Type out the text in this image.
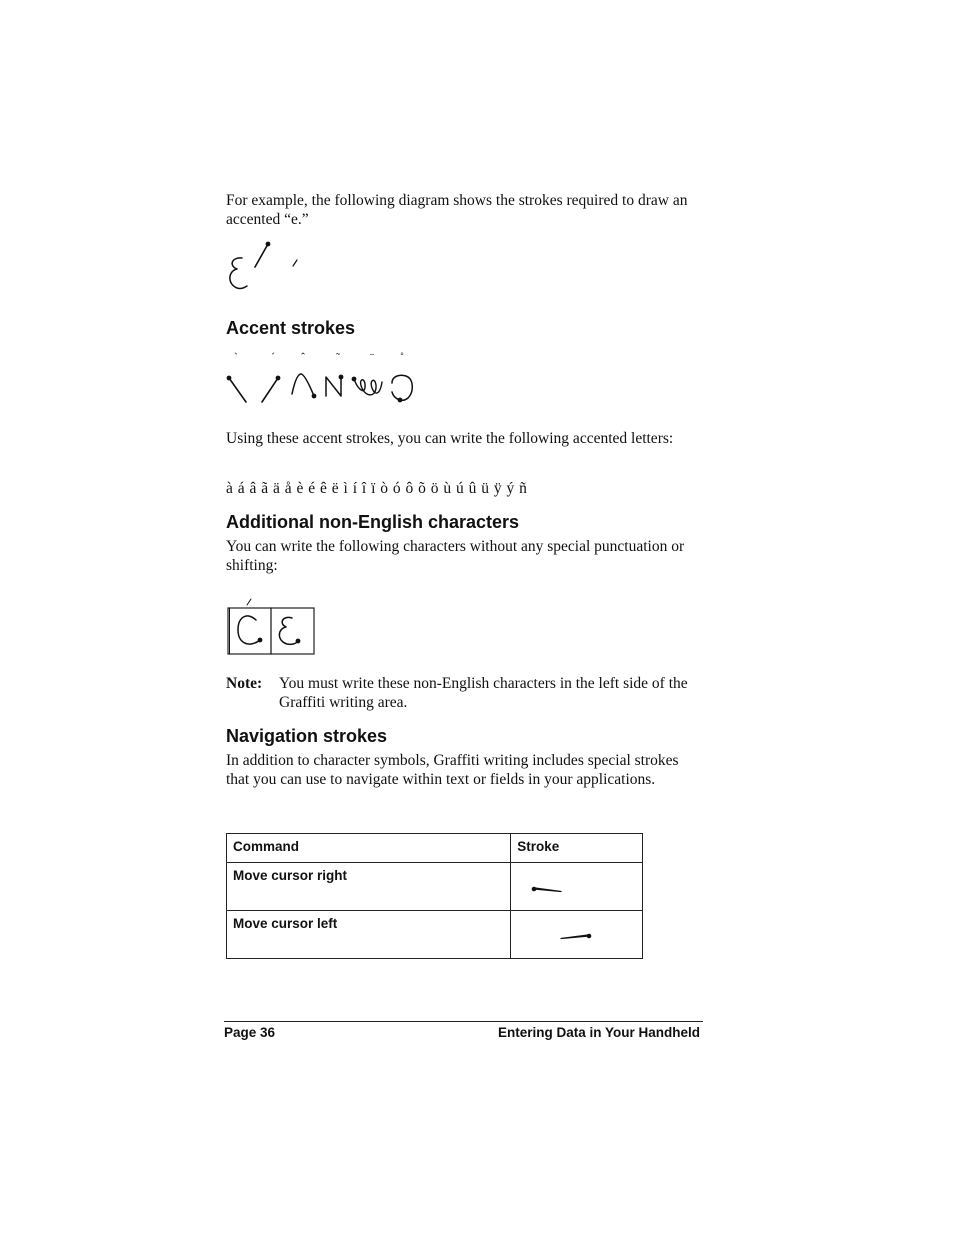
For example, the following diagram shows the strokes required to draw an accented “e.”

Accent strokes
`	´ ˆ	˜	¨ ˚

Using these accent strokes, you can write the following accented letters:

à á â ã ä å è é ê ë ì í î ï ò ó ô õ ö ù ú û ü ÿ ý ñ

Additional non-English characters

You can write the following characters without any special punctuation or shifting:

Note: You must write these non-English characters in the left side of the Graffiti writing area.

Navigation strokes

In addition to character symbols, Graffiti writing includes special strokes that you can use to navigate within text or fields in your applications.

Command	Stroke
Move cursor right	

Move cursor left	
Page 36	Entering Data in Your Handheld
